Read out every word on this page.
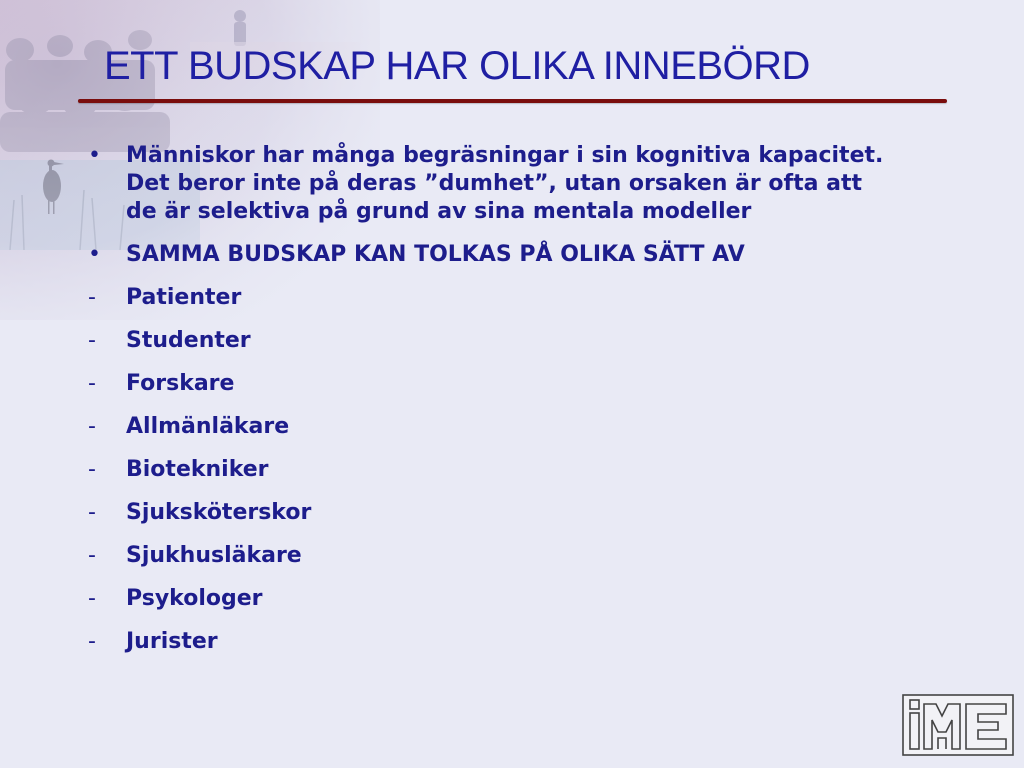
ETT BUDSKAP HAR OLIKA INNEBÖRD
•	Människor har många begräsningar i sin kognitiva kapacitet. Det beror inte på deras ”dumhet”, utan orsaken är ofta att de är selektiva på grund av sina mentala modeller
•	SAMMA BUDSKAP KAN TOLKAS PÅ OLIKA SÄTT AV
-	Patienter
-	Studenter
-	Forskare
-	Allmänläkare
-	Biotekniker
-	Sjuksköterskor
-	Sjukhusläkare
-	Psykologer
-	Jurister
